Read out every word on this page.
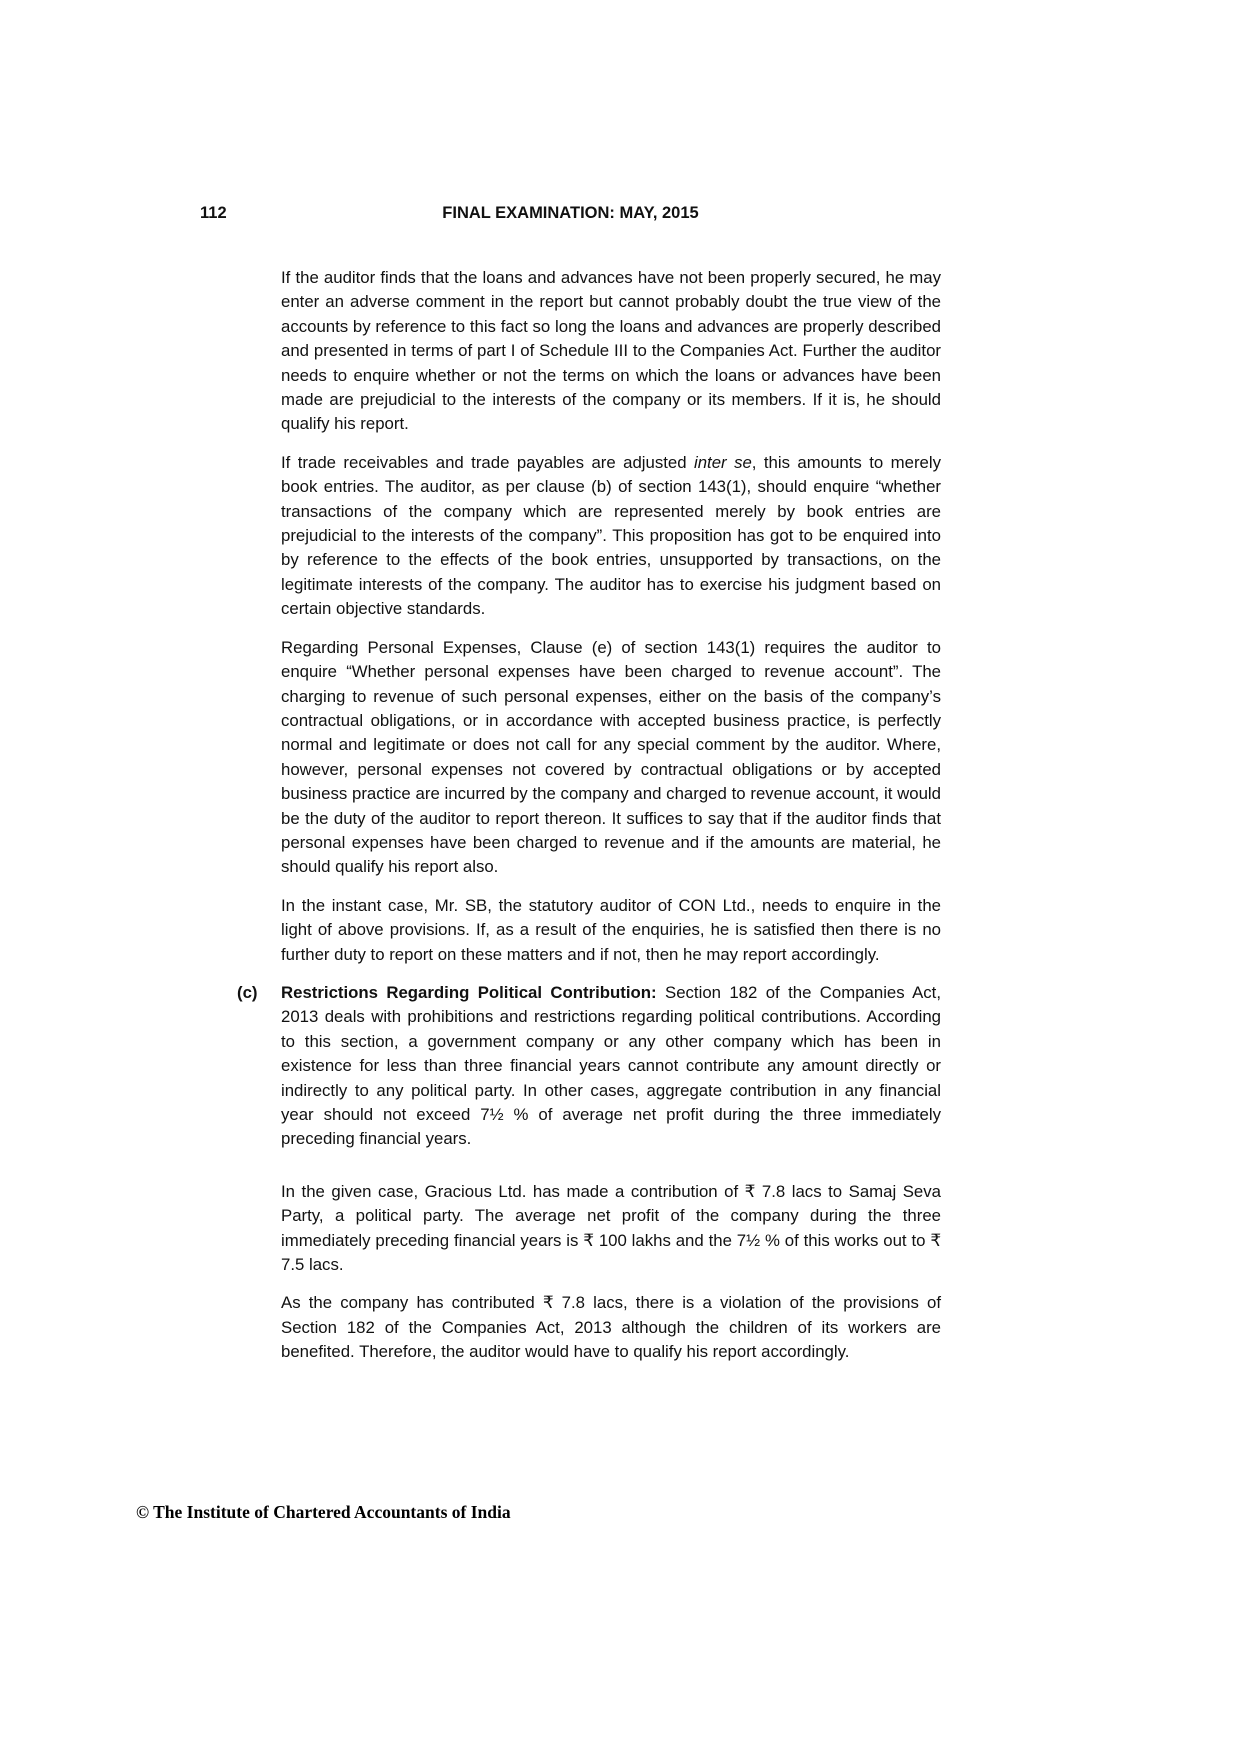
112	FINAL EXAMINATION: MAY, 2015

If the auditor finds that the loans and advances have not been properly secured, he may enter an adverse comment in the report but cannot probably doubt the true view of the accounts by reference to this fact so long the loans and advances are properly described and presented in terms of part I of Schedule III to the Companies Act. Further the auditor needs to enquire whether or not the terms on which the loans or advances have been made are prejudicial to the interests of the company or its members. If it is, he should qualify his report.

If trade receivables and trade payables are adjusted inter se, this amounts to merely book entries. The auditor, as per clause (b) of section 143(1), should enquire “whether transactions of the company which are represented merely by book entries are prejudicial to the interests of the company”. This proposition has got to be enquired into by reference to the effects of the book entries, unsupported by transactions, on the legitimate interests of the company. The auditor has to exercise his judgment based on certain objective standards.

Regarding Personal Expenses, Clause (e) of section 143(1) requires the auditor to enquire “Whether personal expenses have been charged to revenue account”. The charging to revenue of such personal expenses, either on the basis of the company’s contractual obligations, or in accordance with accepted business practice, is perfectly normal and legitimate or does not call for any special comment by the auditor. Where, however, personal expenses not covered by contractual obligations or by accepted business practice are incurred by the company and charged to revenue account, it would be the duty of the auditor to report thereon. It suffices to say that if the auditor finds that personal expenses have been charged to revenue and if the amounts are material, he should qualify his report also.

In the instant case, Mr. SB, the statutory auditor of CON Ltd., needs to enquire in the light of above provisions. If, as a result of the enquiries, he is satisfied then there is no further duty to report on these matters and if not, then he may report accordingly.

(c)	Restrictions Regarding Political Contribution: Section 182 of the Companies Act, 2013 deals with prohibitions and restrictions regarding political contributions. According to this section, a government company or any other company which has been in existence for less than three financial years cannot contribute any amount directly or indirectly to any political party. In other cases, aggregate contribution in any financial year should not exceed 7½ % of average net profit during the three immediately preceding financial years.

In the given case, Gracious Ltd. has made a contribution of ₹ 7.8 lacs to Samaj Seva Party, a political party. The average net profit of the company during the three immediately preceding financial years is ₹ 100 lakhs and the 7½ % of this works out to ₹ 7.5 lacs.

As the company has contributed ₹ 7.8 lacs, there is a violation of the provisions of Section 182 of the Companies Act, 2013 although the children of its workers are benefited. Therefore, the auditor would have to qualify his report accordingly.

© The Institute of Chartered Accountants of India
